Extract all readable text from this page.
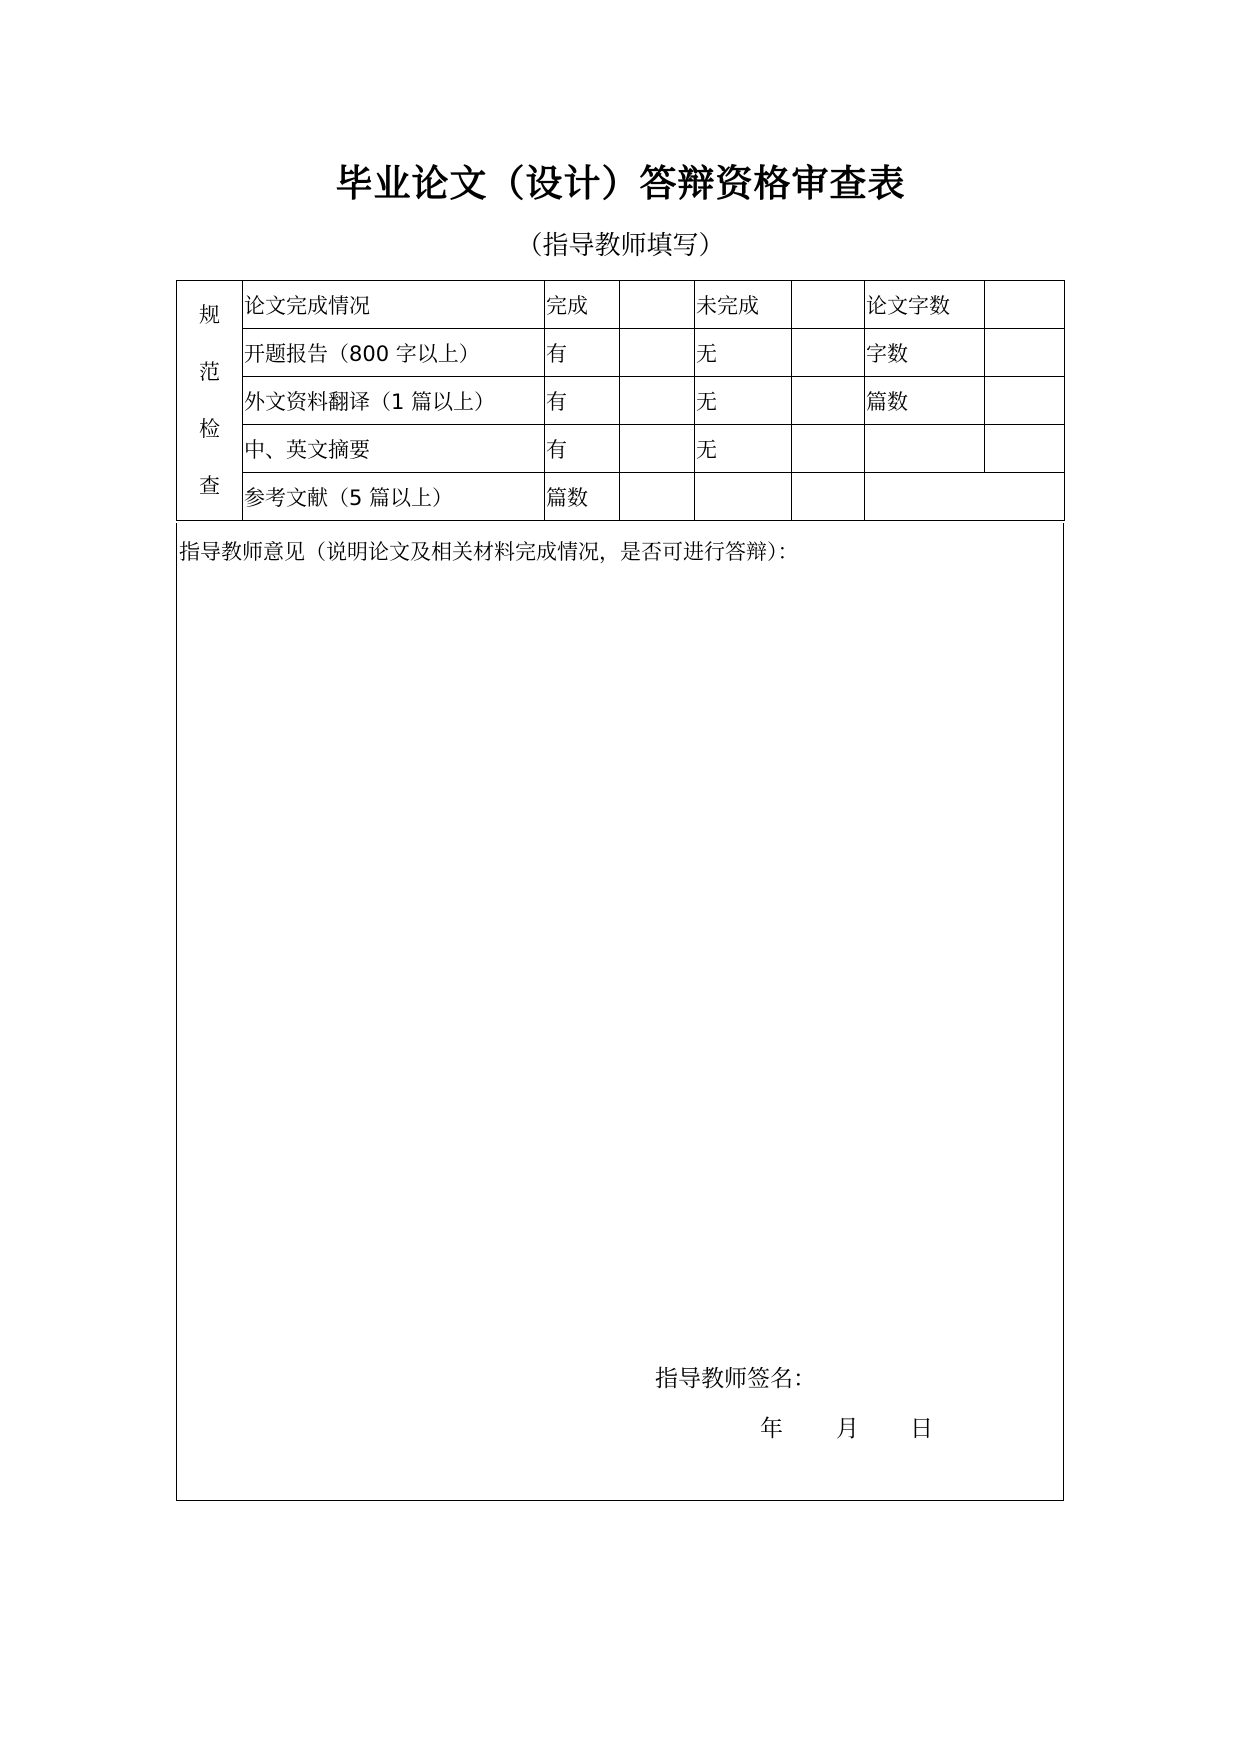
毕业论文（设计）答辩资格审查表
（指导教师填写）
规
范
检
查	论文完成情况	完成		未完成		论文字数	
	开题报告（800 字以上）	有		无		字数	
	外文资料翻译（1 篇以上）	有		无		篇数	
	中、英文摘要	有		无			
	参考文献（5 篇以上）	篇数					
指导教师意见（说明论文及相关材料完成情况，是否可进行答辩）：
指导教师签名：
年 月 日
